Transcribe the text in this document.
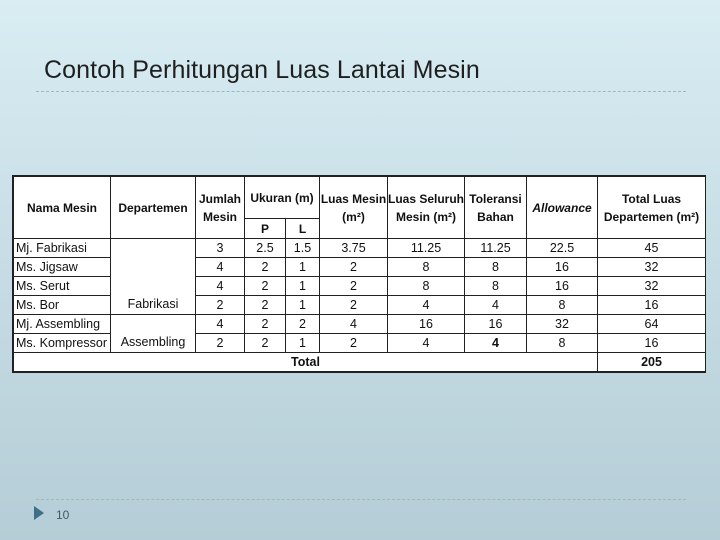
Contoh Perhitungan Luas Lantai Mesin
Nama Mesin	Departemen	Jumlah Mesin	Ukuran (m)		Luas Mesin (m²)	Luas Seluruh Mesin (m²)	Toleransi Bahan	Allowance	Total Luas Departemen (m²)
			P	L					
Mj. Fabrikasi	Fabrikasi	3	2.5	1.5	3.75	11.25	11.25	22.5	45
Ms. Jigsaw		4	2	1	2	8	8	16	32
Ms. Serut		4	2	1	2	8	8	16	32
Ms. Bor		2	2	1	2	4	4	8	16
Mj. Assembling	Assembling	4	2	2	4	16	16	32	64
Ms. Kompressor		2	2	1	2	4	4	8	16
Total									205
10
